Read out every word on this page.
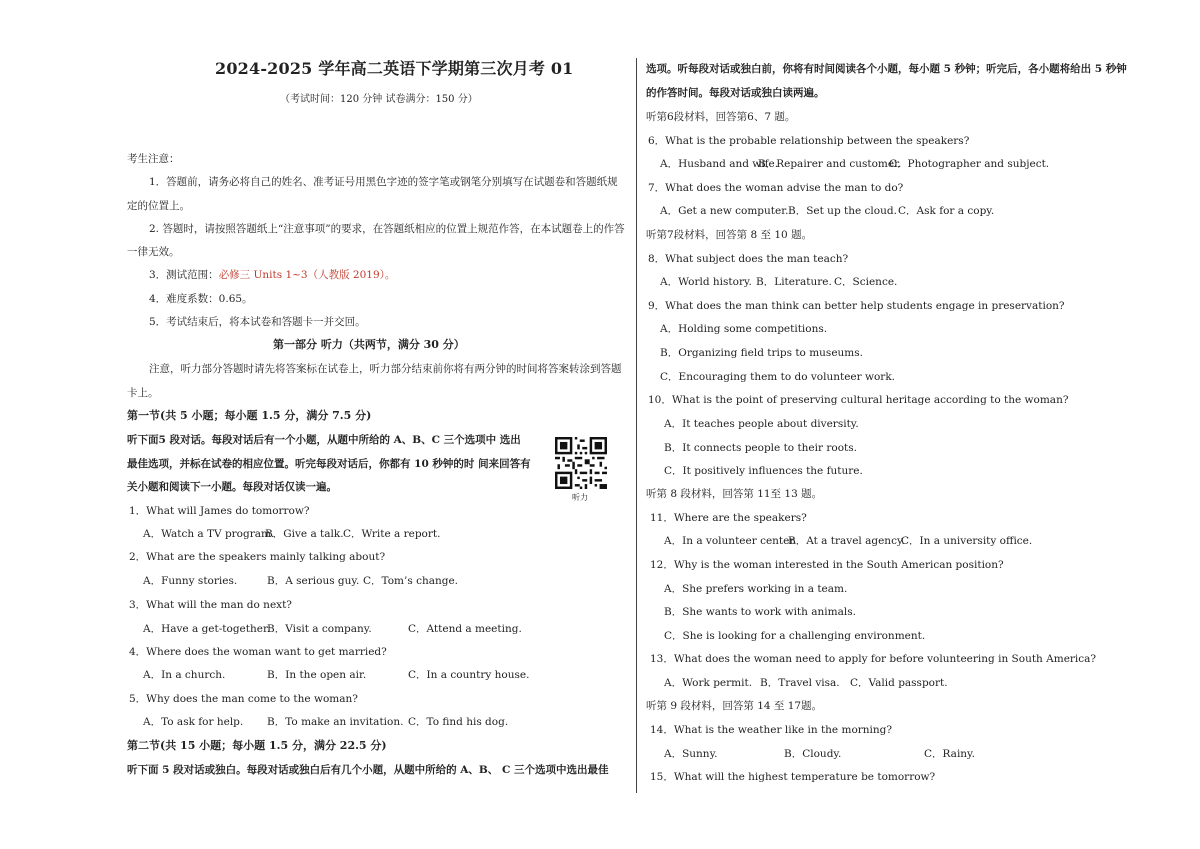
2024-2025 学年高二英语下学期第三次月考 01
（考试时间：120 分钟 试卷满分：150 分）
考生注意：
1．答题前，请务必将自己的姓名、准考证号用黑色字迹的签字笔或钢笔分别填写在试题卷和答题纸规
定的位置上。
2. 答题时，请按照答题纸上“注意事项”的要求，在答题纸相应的位置上规范作答，在本试题卷上的作答
一律无效。
3．测试范围：必修三 Units 1~3（人教版 2019）。
4．难度系数：0.65。
5．考试结束后，将本试卷和答题卡一并交回。
第一部分 听力（共两节，满分 30 分）
注意，听力部分答题时请先将答案标在试卷上，听力部分结束前你将有两分钟的时间将答案转涂到答题
卡上。
第一节(共 5 小题；每小题 1.5 分，满分 7.5 分)
听下面5 段对话。每段对话后有一个小题，从题中所给的 A、B、C 三个选项中 选出
最佳选项，并标在试卷的相应位置。听完每段对话后，你都有 10 秒钟的时 间来回答有
关小题和阅读下一小题。每段对话仅读一遍。
1．What will James do tomorrow?
A．Watch a TV program.B．Give a talk.C．Write a report.
2．What are the speakers mainly talking about?
A．Funny stories.	B．A serious guy. C．Tom’s change.
3．What will the man do next?
A．Have a get-together.B．Visit a company.	C．Attend a meeting.
4．Where does the woman want to get married?
A．In a church.	B．In the open air.	C．In a country house.
5．Why does the man come to the woman?
A．To ask for help. B．To make an invitation. C．To find his dog.
第二节(共 15 小题；每小题 1.5 分，满分 22.5 分)
听下面 5 段对话或独白。每段对话或独白后有几个小题，从题中所给的 A、B、 C 三个选项中选出最佳
听力
选项。听每段对话或独白前，你将有时间阅读各个小题，每小题 5 秒钟；听完后，各小题将给出 5 秒钟
的作答时间。每段对话或独白读两遍。
听第6段材料，回答第6、7 题。
6．What is the probable relationship between the speakers?
A．Husband and wife.B．Repairer and customer.C．Photographer and subject.
7．What does the woman advise the man to do?
A．Get a new computer.B．Set up the cloud.C．Ask for a copy.
听第7段材料，回答第 8 至 10 题。
8．What subject does the man teach?
A．World history. B．Literature. C．Science.
9．What does the man think can better help students engage in preservation?
A．Holding some competitions.
B．Organizing field trips to museums.
C．Encouraging them to do volunteer work.
10．What is the point of preserving cultural heritage according to the woman?
A．It teaches people about diversity.
B．It connects people to their roots.
C．It positively influences the future.
听第 8 段材料，回答第 11至 13 题。
11．Where are the speakers?
A．In a volunteer center.B．At a travel agency.C．In a university office.
12．Why is the woman interested in the South American position?
A．She prefers working in a team.
B．She wants to work with animals.
C．She is looking for a challenging environment.
13．What does the woman need to apply for before volunteering in South America?
A．Work permit. B．Travel visa. C．Valid passport.
听第 9 段材料，回答第 14 至 17题。
14．What is the weather like in the morning?
A．Sunny.	B．Cloudy.	C．Rainy.
15．What will the highest temperature be tomorrow?
